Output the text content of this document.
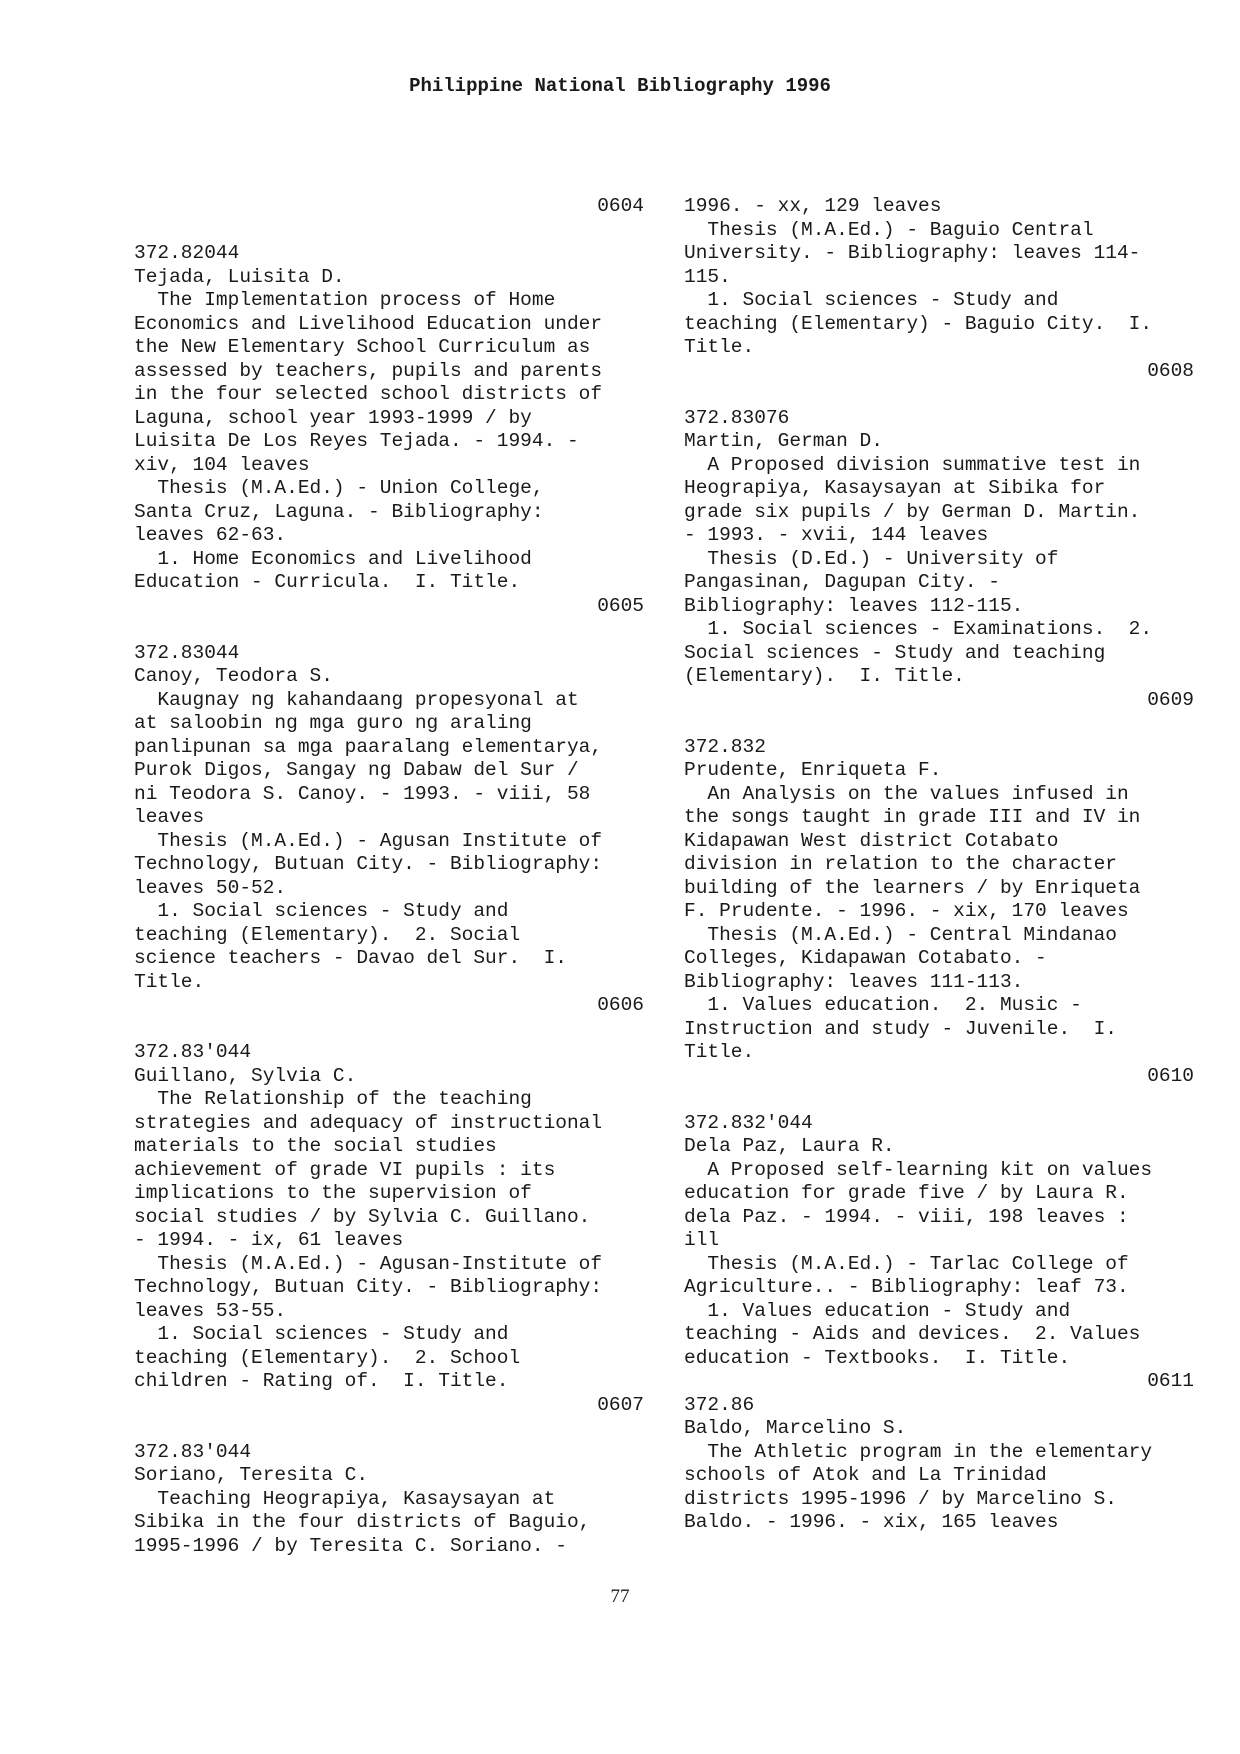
Philippine National Bibliography 1996
0604
372.82044
Tejada, Luisita D.
The Implementation process of Home
Economics and Livelihood Education under
the New Elementary School Curriculum as
assessed by teachers, pupils and parents
in the four selected school districts of
Laguna, school year 1993-1999 / by
Luisita De Los Reyes Tejada. - 1994. -
xiv, 104 leaves
Thesis (M.A.Ed.) - Union College,
Santa Cruz, Laguna. - Bibliography:
leaves 62-63.
1. Home Economics and Livelihood
Education - Curricula.  I. Title.
0605
372.83044
Canoy, Teodora S.
Kaugnay ng kahandaang propesyonal at
at saloobin ng mga guro ng araling
panlipunan sa mga paaralang elementarya,
Purok Digos, Sangay ng Dabaw del Sur /
ni Teodora S. Canoy. - 1993. - viii, 58
leaves
Thesis (M.A.Ed.) - Agusan Institute of
Technology, Butuan City. - Bibliography:
leaves 50-52.
1. Social sciences - Study and
teaching (Elementary).  2. Social
science teachers - Davao del Sur.  I.
Title.
0606
372.83'044
Guillano, Sylvia C.
The Relationship of the teaching
strategies and adequacy of instructional
materials to the social studies
achievement of grade VI pupils : its
implications to the supervision of
social studies / by Sylvia C. Guillano.
- 1994. - ix, 61 leaves
Thesis (M.A.Ed.) - Agusan-Institute of
Technology, Butuan City. - Bibliography:
leaves 53-55.
1. Social sciences - Study and
teaching (Elementary).  2. School
children - Rating of.  I. Title.
0607
372.83'044
Soriano, Teresita C.
Teaching Heograpiya, Kasaysayan at
Sibika in the four districts of Baguio,
1995-1996 / by Teresita C. Soriano. -
1996. - xx, 129 leaves
Thesis (M.A.Ed.) - Baguio Central
University. - Bibliography: leaves 114-
115.
1. Social sciences - Study and
teaching (Elementary) - Baguio City.  I.
Title.
0608
372.83076
Martin, German D.
A Proposed division summative test in
Heograpiya, Kasaysayan at Sibika for
grade six pupils / by German D. Martin.
- 1993. - xvii, 144 leaves
Thesis (D.Ed.) - University of
Pangasinan, Dagupan City. -
Bibliography: leaves 112-115.
1. Social sciences - Examinations.  2.
Social sciences - Study and teaching
(Elementary).  I. Title.
0609
372.832
Prudente, Enriqueta F.
An Analysis on the values infused in
the songs taught in grade III and IV in
Kidapawan West district Cotabato
division in relation to the character
building of the learners / by Enriqueta
F. Prudente. - 1996. - xix, 170 leaves
Thesis (M.A.Ed.) - Central Mindanao
Colleges, Kidapawan Cotabato. -
Bibliography: leaves 111-113.
1. Values education.  2. Music -
Instruction and study - Juvenile.  I.
Title.
0610
372.832'044
Dela Paz, Laura R.
A Proposed self-learning kit on values
education for grade five / by Laura R.
dela Paz. - 1994. - viii, 198 leaves :
ill
Thesis (M.A.Ed.) - Tarlac College of
Agriculture.. - Bibliography: leaf 73.
1. Values education - Study and
teaching - Aids and devices.  2. Values
education - Textbooks.  I. Title.
0611
372.86
Baldo, Marcelino S.
The Athletic program in the elementary
schools of Atok and La Trinidad
districts 1995-1996 / by Marcelino S.
Baldo. - 1996. - xix, 165 leaves
77
